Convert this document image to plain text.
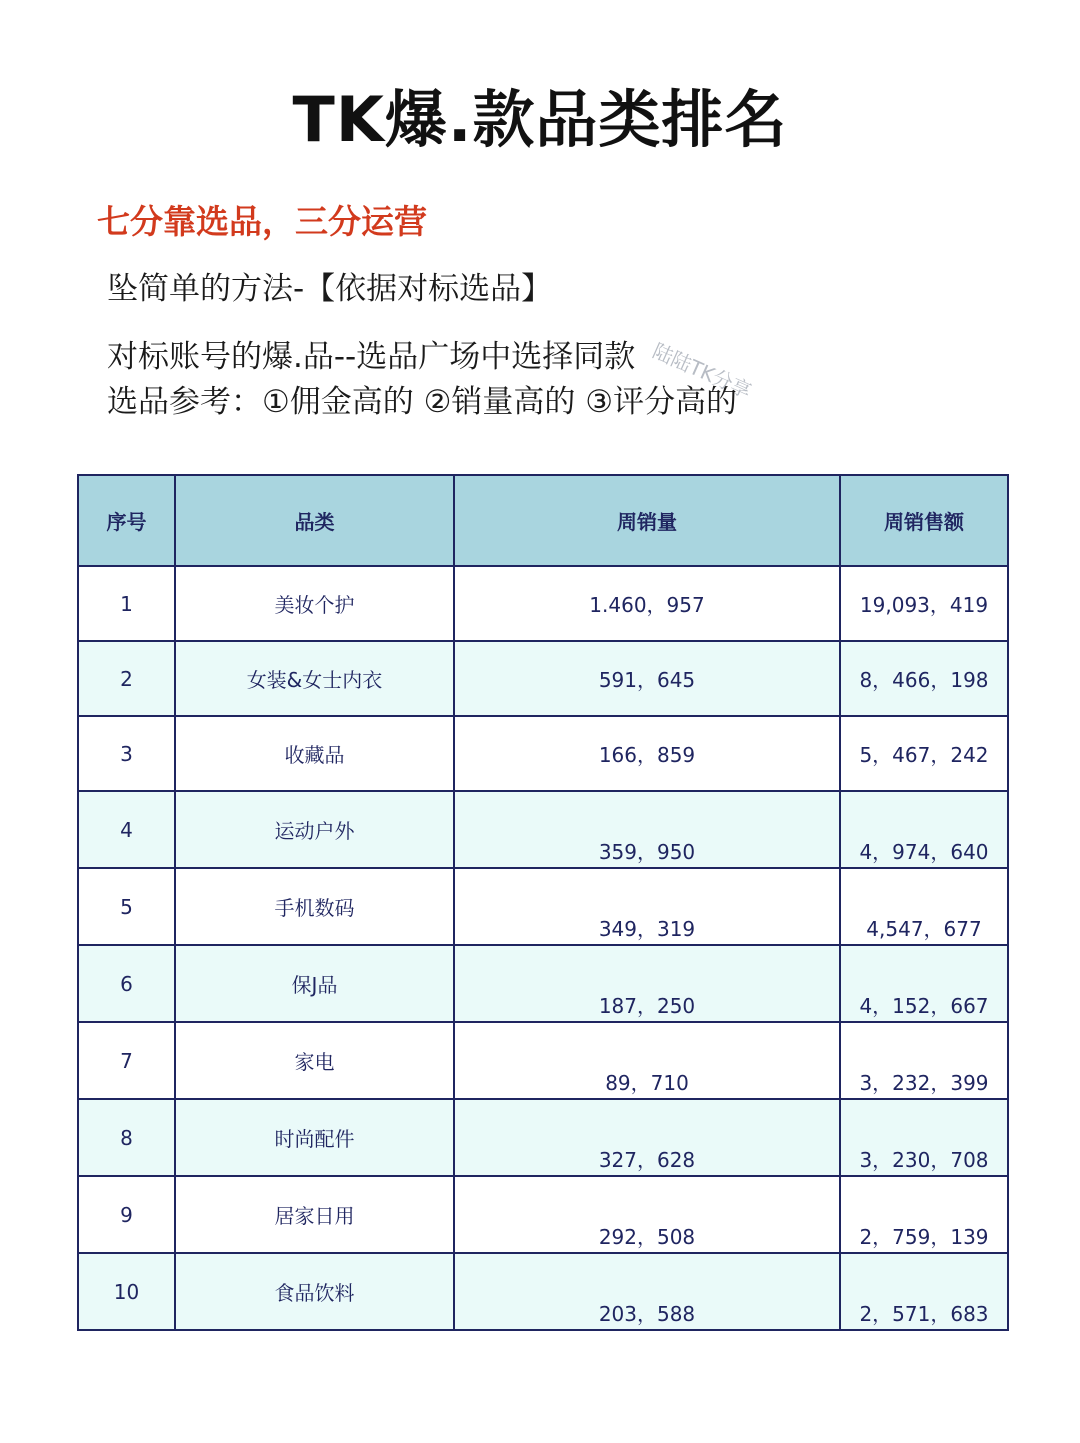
TK爆.款品类排名
七分靠选品，三分运营
坠简单的方法-【依据对标选品】
对标账号的爆.品--选品广场中选择同款
选品参考：①佣金高的 ②销量高的 ③评分高的
陆陆TK分享
序号	品类	周销量	周销售额
1	美妆个护	1.460，957	19,093，419
2	女装&女士内衣	591，645	8，466，198
3	收藏品	166，859	5，467，242
4	运动户外	359，950	4，974，640
5	手机数码	349，319	4,547，677
6	保J品	187，250	4，152，667
7	家电	89，710	3，232，399
8	时尚配件	327，628	3，230，708
9	居家日用	292，508	2，759，139
10	食品饮料	203，588	2，571，683
